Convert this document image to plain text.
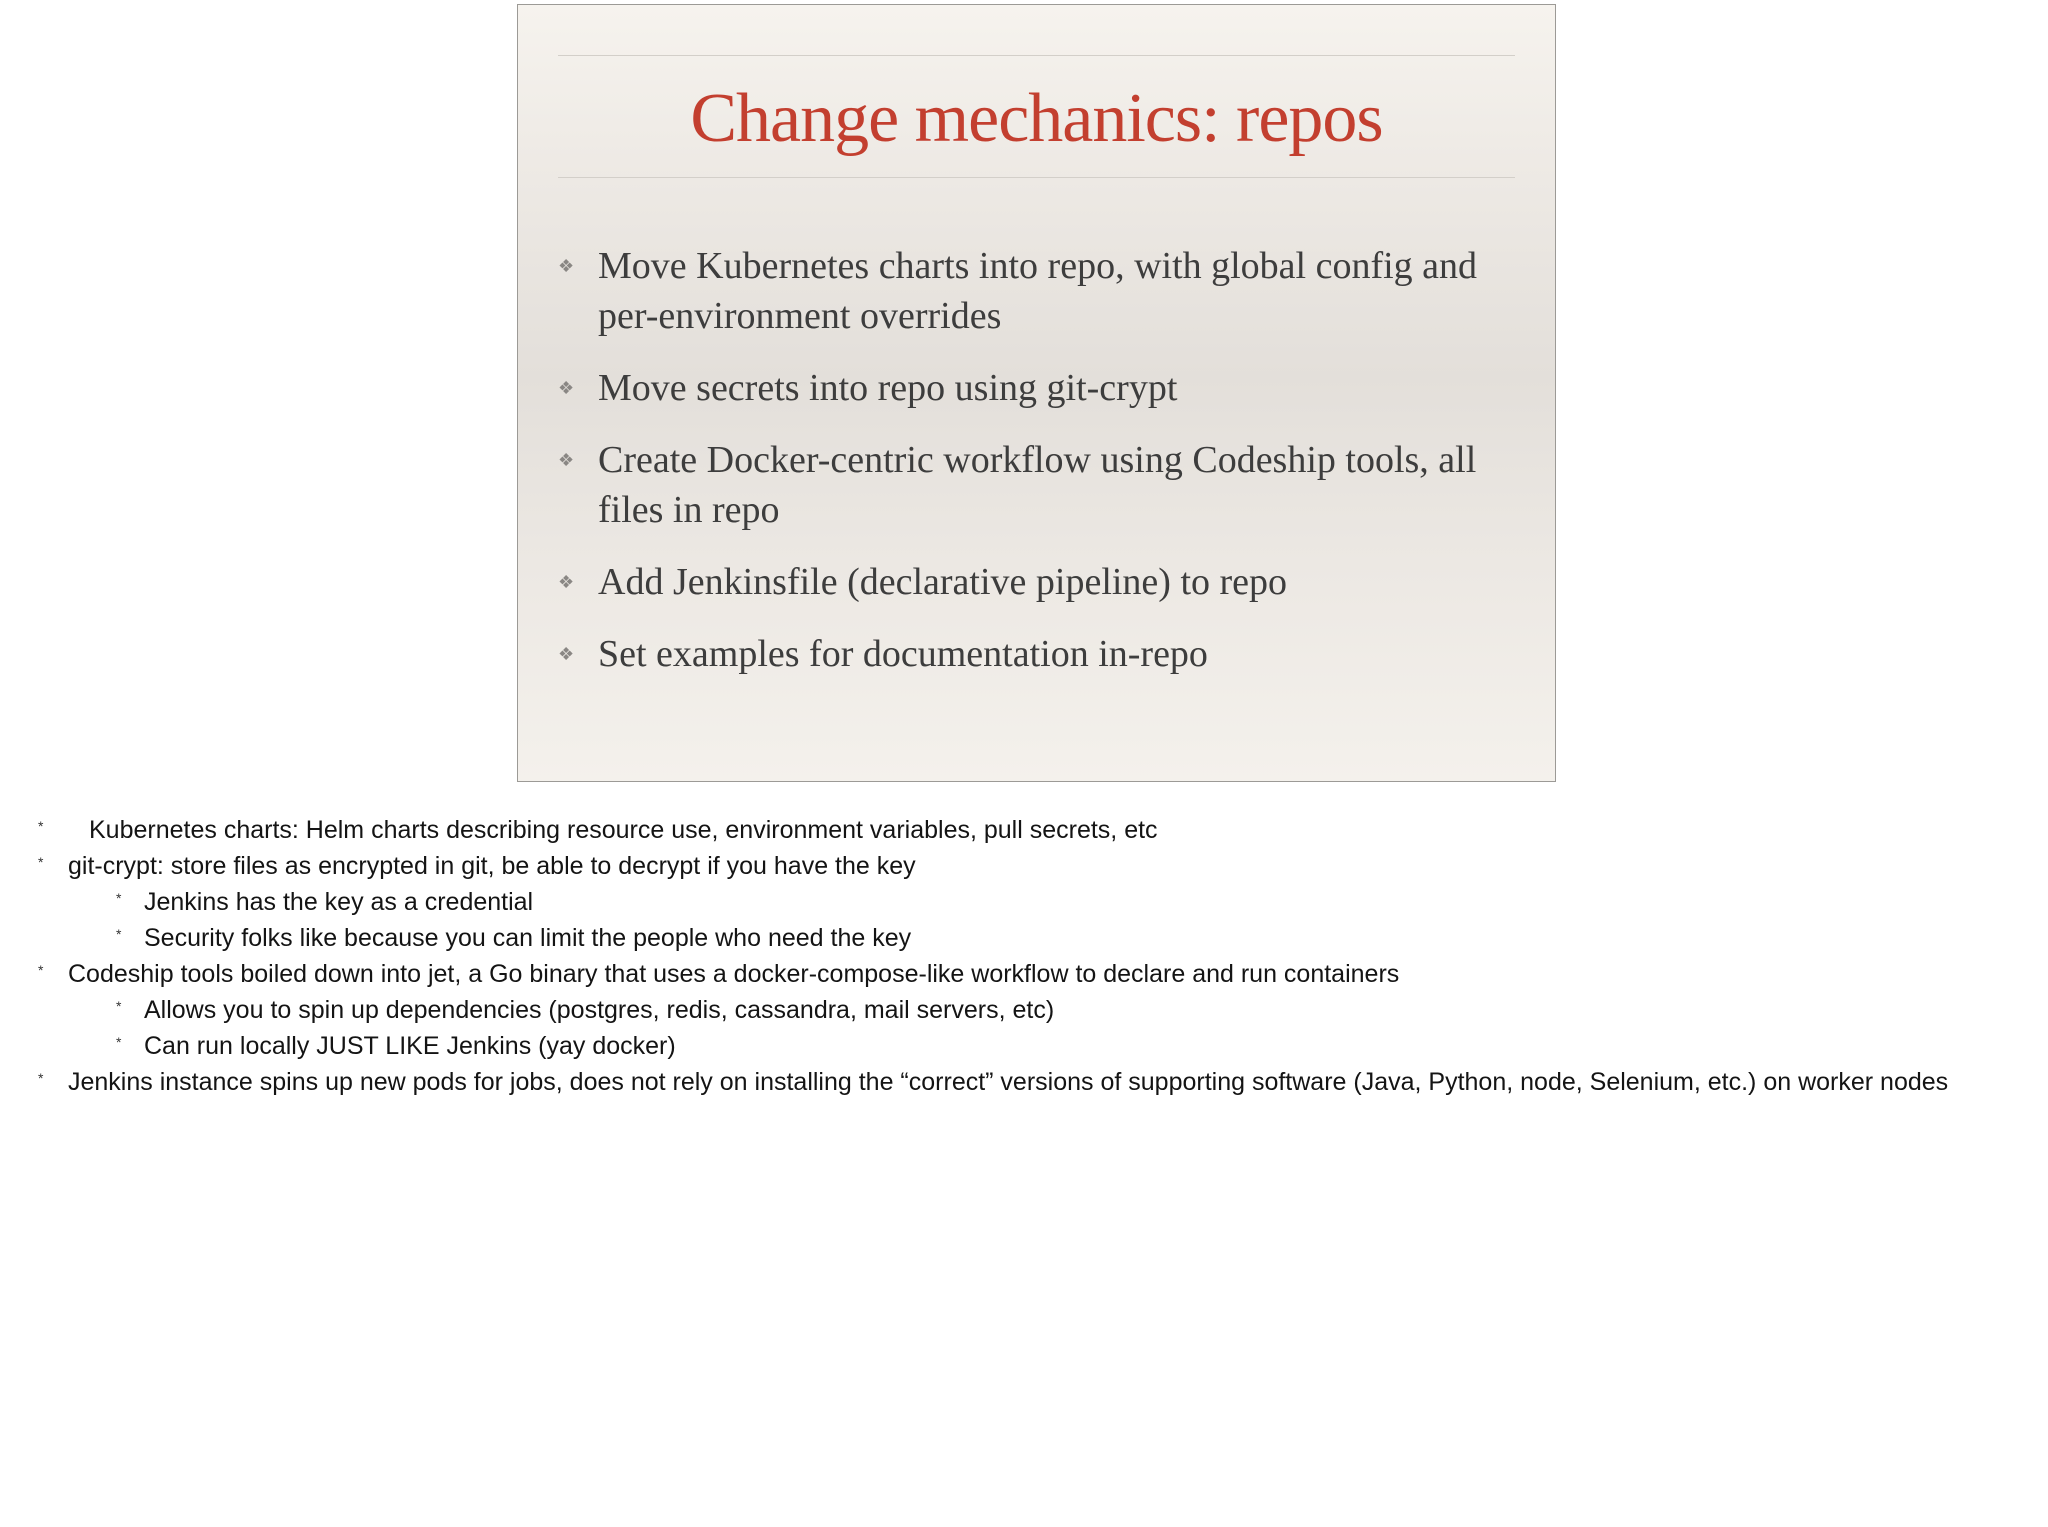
Change mechanics: repos
❖ Move Kubernetes charts into repo, with global config and per-environment overrides
❖ Move secrets into repo using git-crypt
❖ Create Docker-centric workflow using Codeship tools, all files in repo
❖ Add Jenkinsfile (declarative pipeline) to repo
❖ Set examples for documentation in-repo
* Kubernetes charts: Helm charts describing resource use, environment variables, pull secrets, etc
* git-crypt: store files as encrypted in git, be able to decrypt if you have the key
* Jenkins has the key as a credential
* Security folks like because you can limit the people who need the key
* Codeship tools boiled down into jet, a Go binary that uses a docker-compose-like workflow to declare and run containers
* Allows you to spin up dependencies (postgres, redis, cassandra, mail servers, etc)
* Can run locally JUST LIKE Jenkins (yay docker)
* Jenkins instance spins up new pods for jobs, does not rely on installing the “correct” versions of supporting software (Java, Python, node, Selenium, etc.) on worker nodes
